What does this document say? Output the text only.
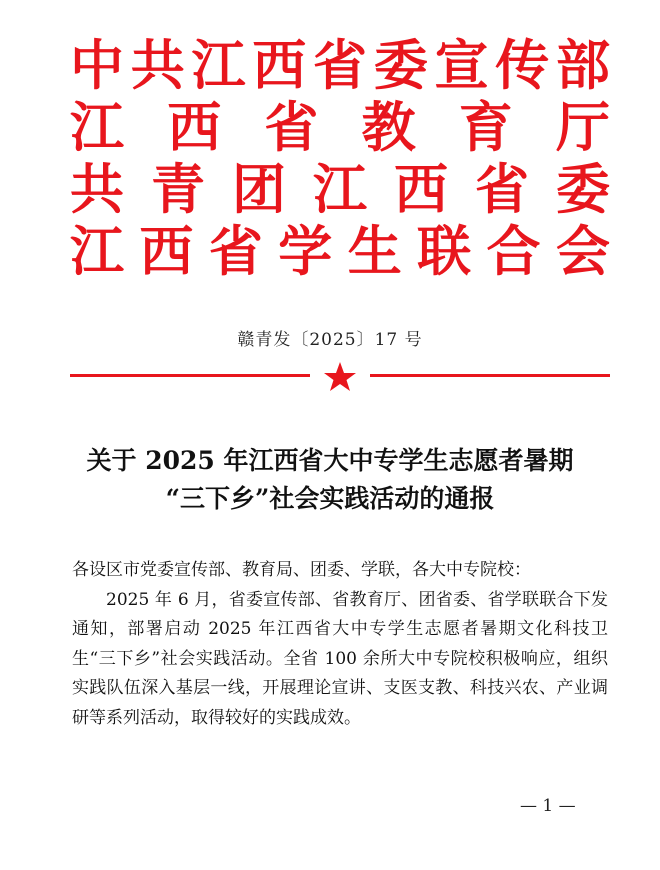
中 共 江 西 省 委 宣 传 部
江 西 省 教 育 厅
共 青 团 江 西 省 委
江 西 省 学 生 联 合 会
赣青发〔2025〕17 号
关于 2025 年江西省大中专学生志愿者暑期
“三下乡”社会实践活动的通报

各设区市党委宣传部、教育局、团委、学联，各大中专院校：

2025 年 6 月，省委宣传部、省教育厅、团省委、省学联联合下发通知，部署启动 2025 年江西省大中专学生志愿者暑期文化科技卫生“三下乡”社会实践活动。全省 100 余所大中专院校积极响应，组织实践队伍深入基层一线，开展理论宣讲、支医支教、科技兴农、产业调研等系列活动，取得较好的实践成效。

— 1 —
